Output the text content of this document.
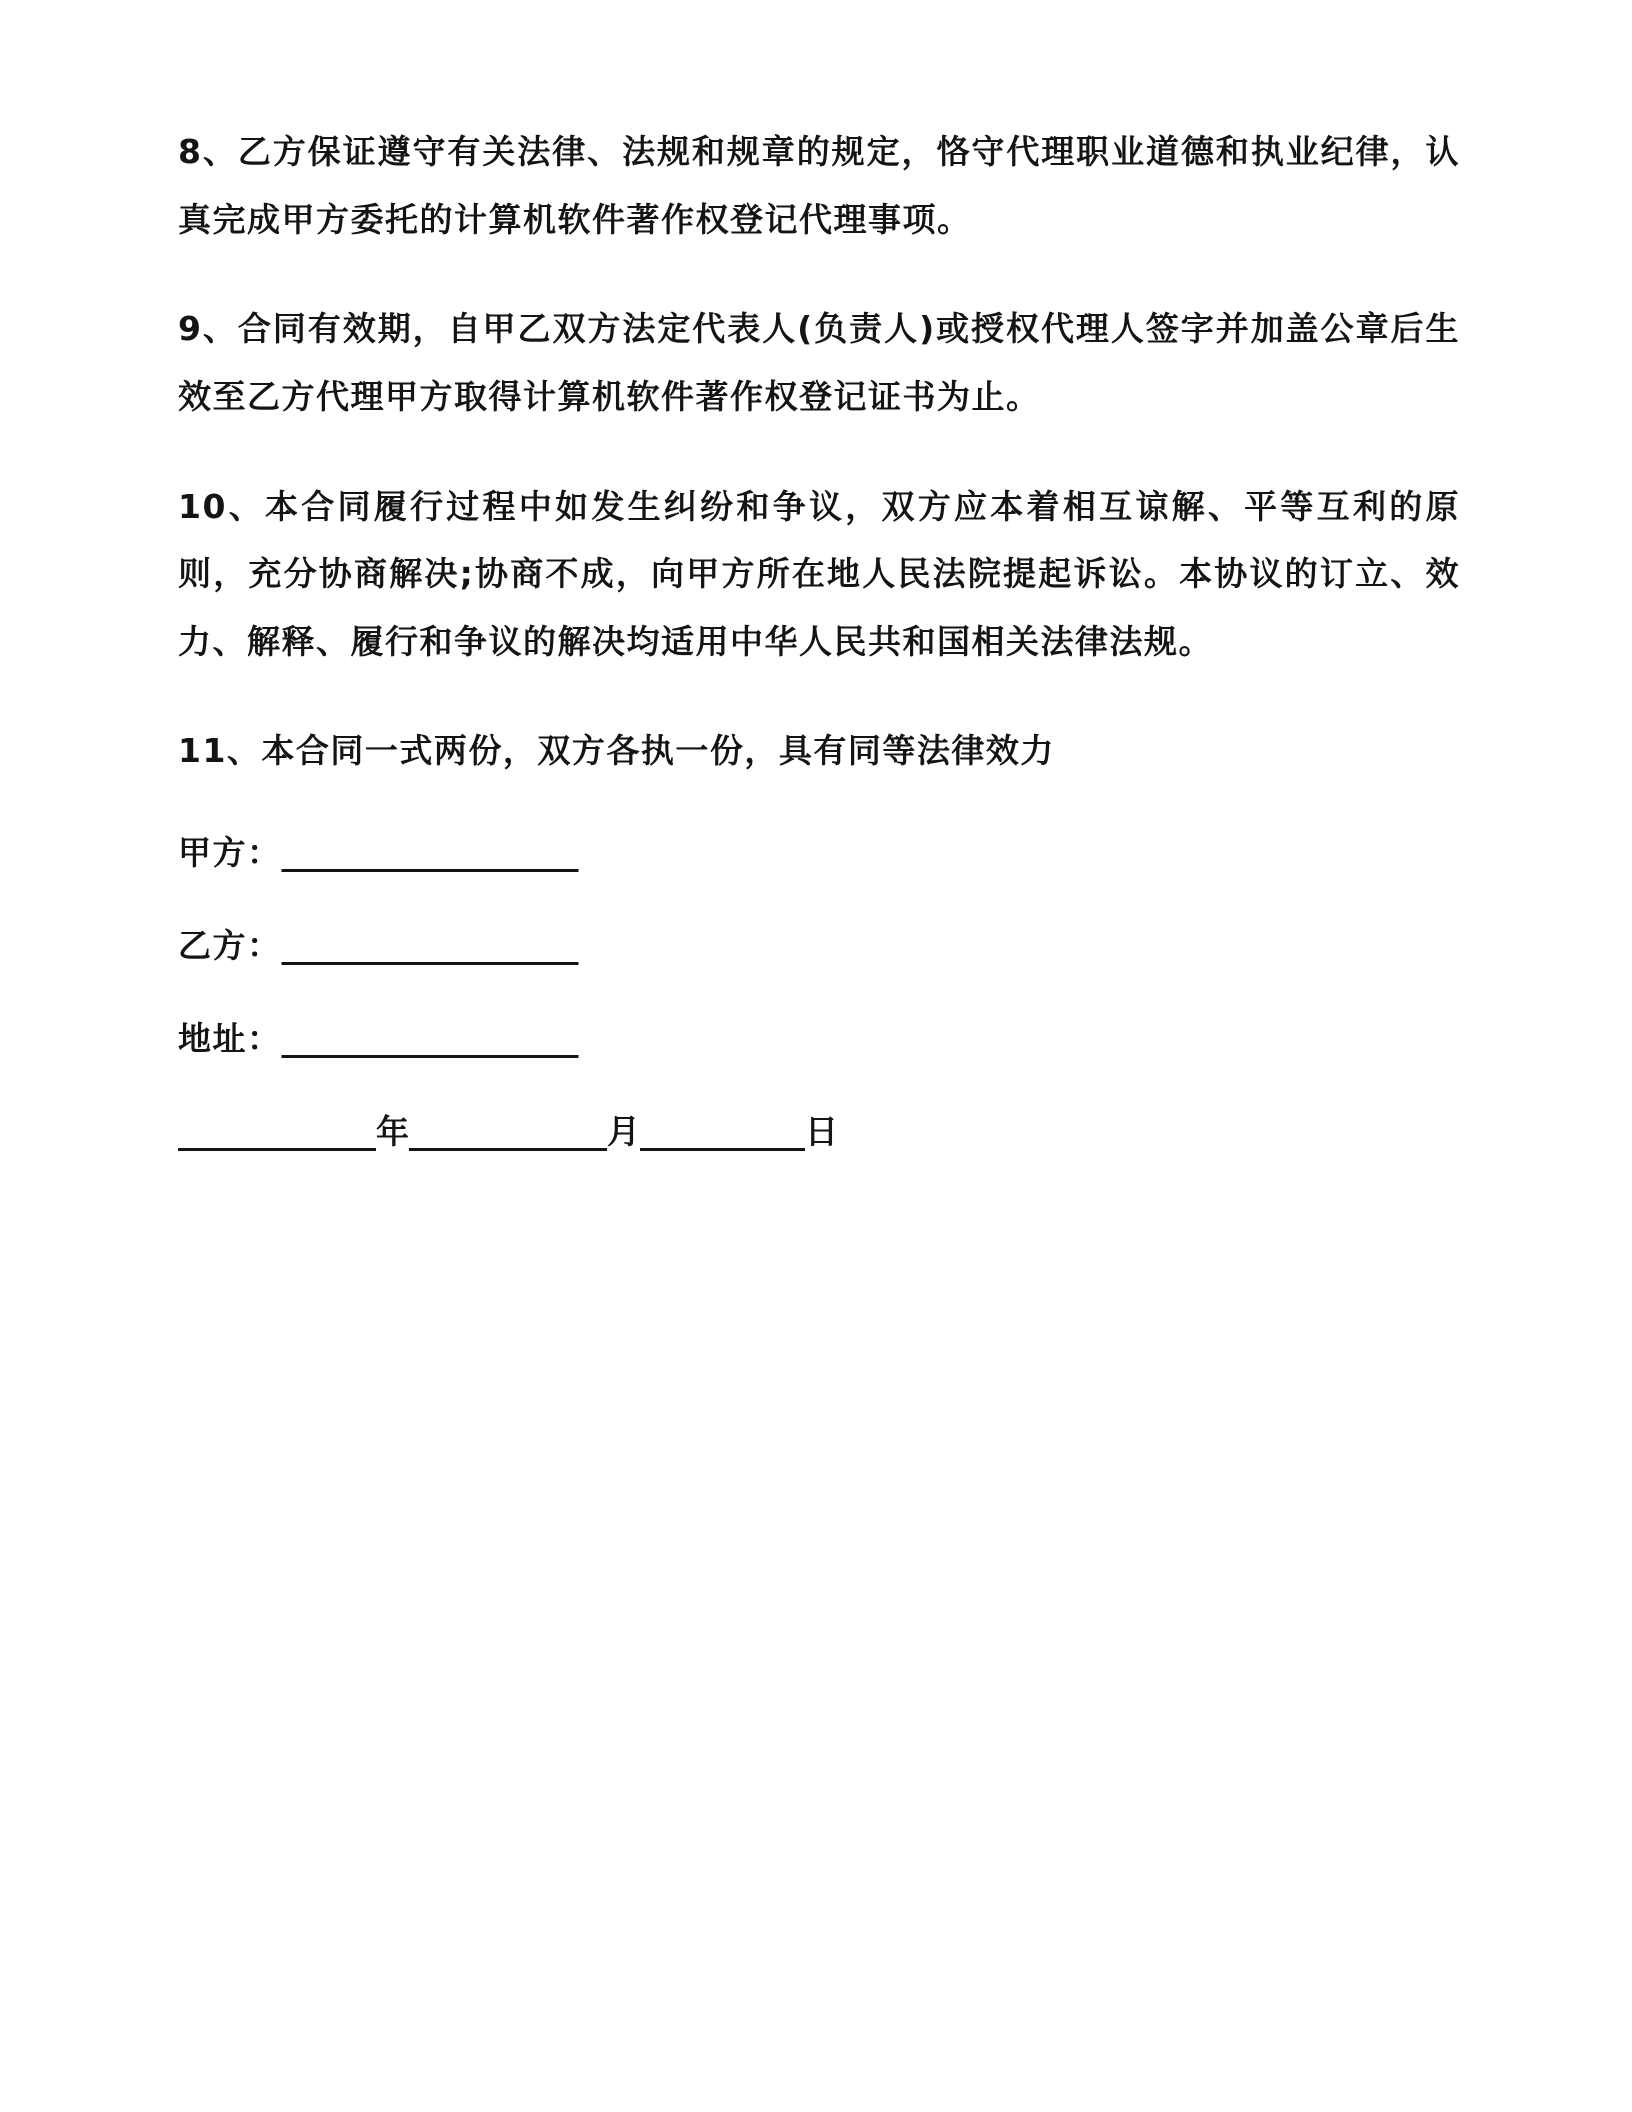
8、乙方保证遵守有关法律、法规和规章的规定，恪守代理职业道德和执业纪律，认真完成甲方委托的计算机软件著作权登记代理事项。

9、合同有效期，自甲乙双方法定代表人(负责人)或授权代理人签字并加盖公章后生效至乙方代理甲方取得计算机软件著作权登记证书为止。

10、本合同履行过程中如发生纠纷和争议，双方应本着相互谅解、平等互利的原则，充分协商解决;协商不成，向甲方所在地人民法院提起诉讼。本协议的订立、效力、解释、履行和争议的解决均适用中华人民共和国相关法律法规。

11、本合同一式两份，双方各执一份，具有同等法律效力

甲方：__________________

乙方：__________________

地址：__________________

____________年____________月__________日
